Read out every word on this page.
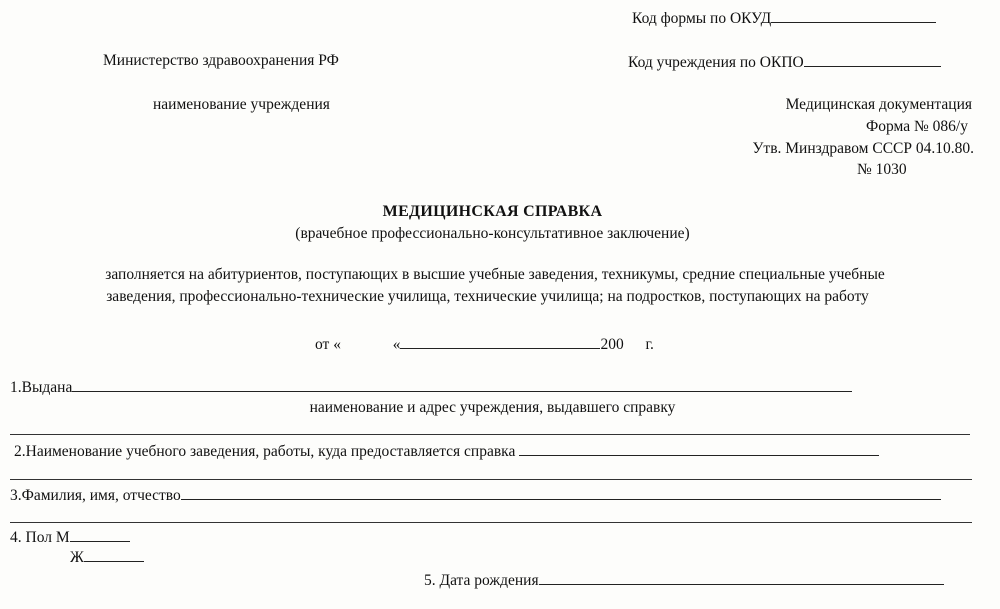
Код формы по ОКУД
Министерство здравоохранения РФ	Код учреждения по ОКПО
наименование учреждения	Медицинская документация
Форма № 086/у
Утв. Минздравом СССР 04.10.80.
№ 1030
МЕДИЦИНСКАЯ СПРАВКА
(врачебное профессионально-консультативное заключение)
заполняется на абитуриентов, поступающих в высшие учебные заведения, техникумы, средние специальные учебные
заведения, профессионально-технические училища, технические училища; на подростков, поступающих на работу
от «	«	200 г.
1.Выдана
наименование и адрес учреждения, выдавшего справку
2.Наименование учебного заведения, работы, куда предоставляется справка
3.Фамилия, имя, отчество
4. Пол М
Ж
5. Дата рождения
